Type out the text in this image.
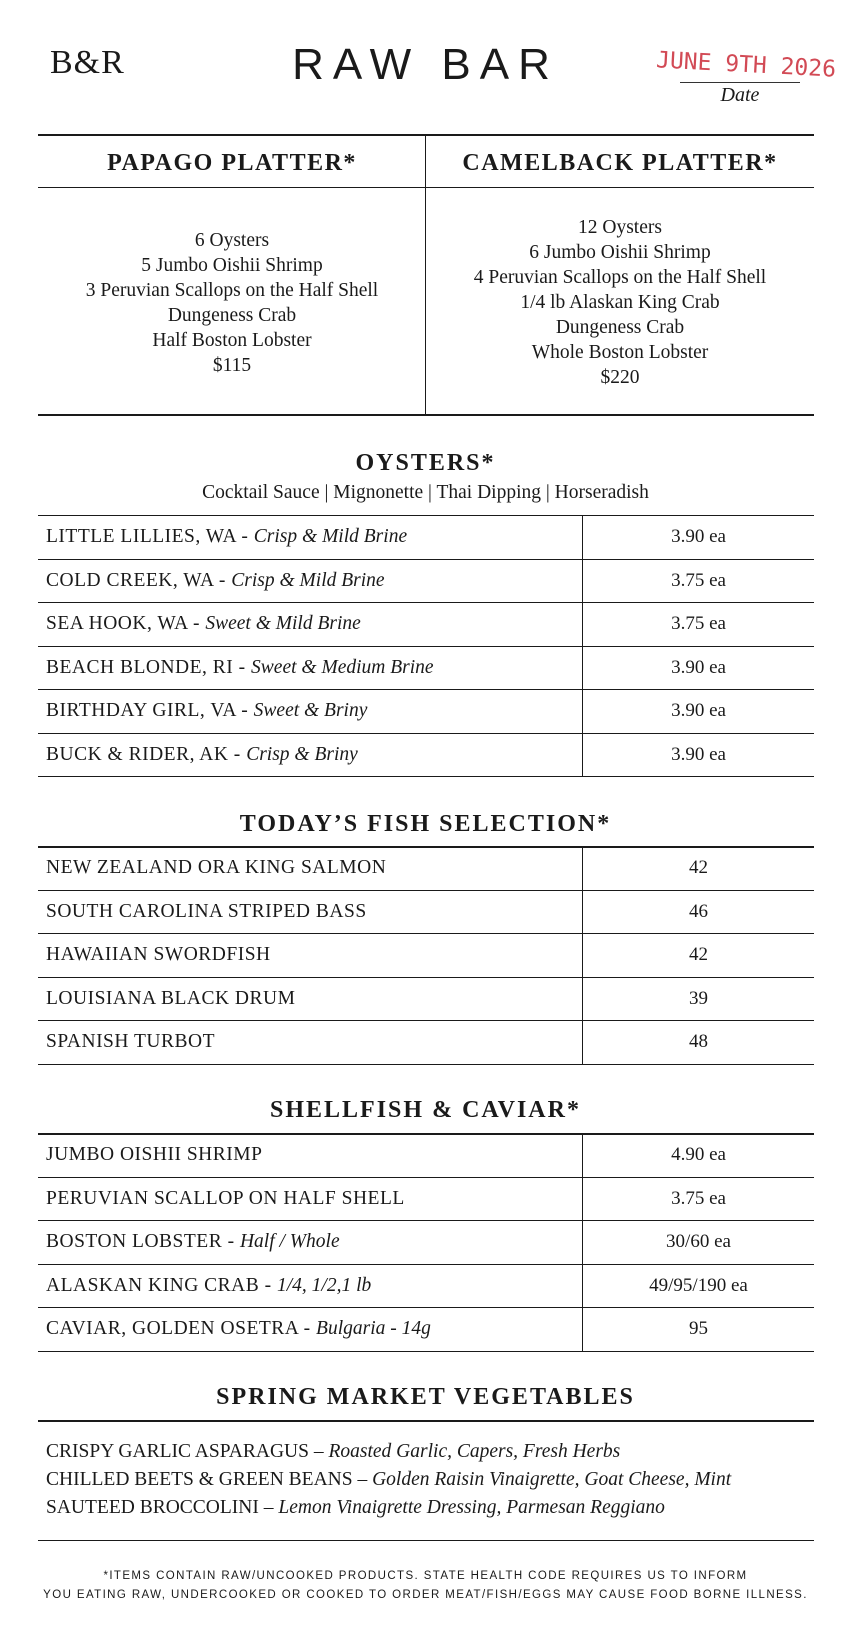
B&R	RAW BAR	JUNE 9TH 2026
Date
PAPAGO PLATTER*	CAMELBACK PLATTER*
6 Oysters
5 Jumbo Oishii Shrimp
3 Peruvian Scallops on the Half Shell
Dungeness Crab
Half Boston Lobster
$115
12 Oysters
6 Jumbo Oishii Shrimp
4 Peruvian Scallops on the Half Shell
1/4 lb Alaskan King Crab
Dungeness Crab
Whole Boston Lobster
$220
OYSTERS*
Cocktail Sauce | Mignonette | Thai Dipping | Horseradish
LITTLE LILLIES, WA - Crisp & Mild Brine	3.90 ea
COLD CREEK, WA - Crisp & Mild Brine	3.75 ea
SEA HOOK, WA - Sweet & Mild Brine	3.75 ea
BEACH BLONDE, RI - Sweet & Medium Brine	3.90 ea
BIRTHDAY GIRL, VA - Sweet & Briny	3.90 ea
BUCK & RIDER, AK - Crisp & Briny	3.90 ea
TODAY’S FISH SELECTION*
NEW ZEALAND ORA KING SALMON	42
SOUTH CAROLINA STRIPED BASS	46
HAWAIIAN SWORDFISH	42
LOUISIANA BLACK DRUM	39
SPANISH TURBOT	48
SHELLFISH & CAVIAR*
JUMBO OISHII SHRIMP	4.90 ea
PERUVIAN SCALLOP ON HALF SHELL	3.75 ea
BOSTON LOBSTER - Half / Whole	30/60 ea
ALASKAN KING CRAB - 1/4, 1/2,1 lb	49/95/190 ea
CAVIAR, GOLDEN OSETRA - Bulgaria - 14g	95
SPRING MARKET VEGETABLES
CRISPY GARLIC ASPARAGUS – Roasted Garlic, Capers, Fresh Herbs
CHILLED BEETS & GREEN BEANS – Golden Raisin Vinaigrette, Goat Cheese, Mint
SAUTEED BROCCOLINI – Lemon Vinaigrette Dressing, Parmesan Reggiano
*ITEMS CONTAIN RAW/UNCOOKED PRODUCTS. STATE HEALTH CODE REQUIRES US TO INFORM
YOU EATING RAW, UNDERCOOKED OR COOKED TO ORDER MEAT/FISH/EGGS MAY CAUSE FOOD BORNE ILLNESS.
